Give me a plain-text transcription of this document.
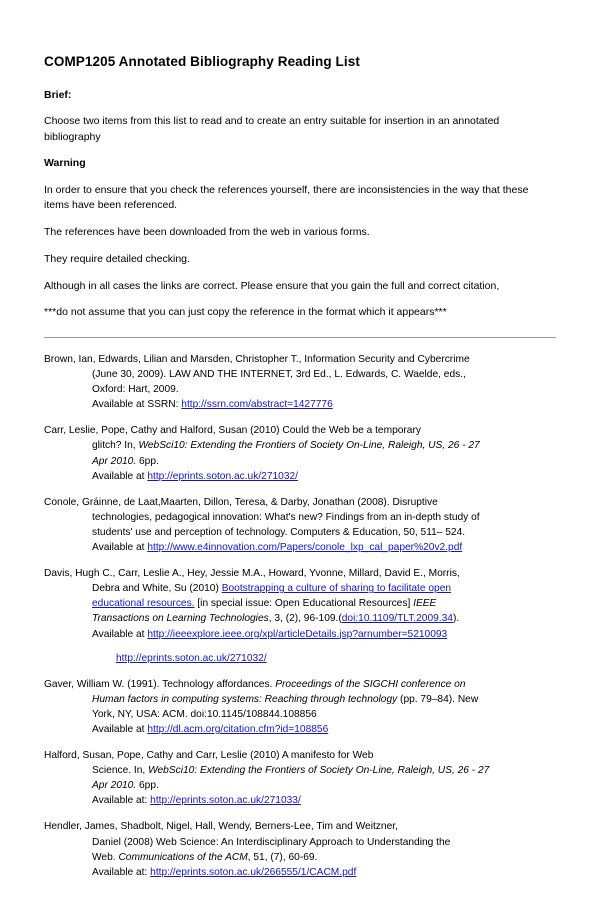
COMP1205 Annotated Bibliography Reading List
Brief:

Choose two items from this list to read and to create an entry suitable for insertion in an annotated bibliography

Warning

In order to ensure that you check the references yourself, there are inconsistencies in the way that these items have been referenced.

The references have been downloaded from the web in various forms.

They require detailed checking.

Although in all cases the links are correct. Please ensure that you gain the full and correct citation,

***do not assume that you can just copy the reference in the format which it appears***

Brown, Ian, Edwards, Lilian and Marsden, Christopher T., Information Security and Cybercrime
(June 30, 2009). LAW AND THE INTERNET, 3rd Ed., L. Edwards, C. Waelde, eds.,
Oxford: Hart, 2009.
Available at SSRN: http://ssrn.com/abstract=1427776

Carr, Leslie, Pope, Cathy and Halford, Susan (2010) Could the Web be a temporary
glitch? In, WebSci10: Extending the Frontiers of Society On-Line, Raleigh, US, 26 - 27
Apr 2010. 6pp.
Available at http://eprints.soton.ac.uk/271032/

Conole, Gráinne, de Laat,Maarten, Dillon, Teresa, & Darby, Jonathan (2008). Disruptive
technologies, pedagogical innovation: What's new? Findings from an in-depth study of
students' use and perception of technology. Computers & Education, 50, 511– 524.
Available at http://www.e4innovation.com/Papers/conole_lxp_cal_paper%20v2.pdf

Davis, Hugh C., Carr, Leslie A., Hey, Jessie M.A., Howard, Yvonne, Millard, David E., Morris,
Debra and White, Su (2010) Bootstrapping a culture of sharing to facilitate open
educational resources. [in special issue: Open Educational Resources] IEEE
Transactions on Learning Technologies, 3, (2), 96-109.(doi:10.1109/TLT.2009.34).
Available at http://ieeexplore.ieee.org/xpl/articleDetails.jsp?arnumber=5210093
http://eprints.soton.ac.uk/271032/

Gaver, William W. (1991). Technology affordances. Proceedings of the SIGCHI conference on
Human factors in computing systems: Reaching through technology (pp. 79–84). New
York, NY, USA: ACM. doi:10.1145/108844.108856
Available at http://dl.acm.org/citation.cfm?id=108856

Halford, Susan, Pope, Cathy and Carr, Leslie (2010) A manifesto for Web
Science. In, WebSci10: Extending the Frontiers of Society On-Line, Raleigh, US, 26 - 27
Apr 2010. 6pp.
Available at: http://eprints.soton.ac.uk/271033/

Hendler, James, Shadbolt, Nigel, Hall, Wendy, Berners-Lee, Tim and Weitzner,
Daniel (2008) Web Science: An Interdisciplinary Approach to Understanding the
Web. Communications of the ACM, 51, (7), 60-69.
Available at: http://eprints.soton.ac.uk/266555/1/CACM.pdf
